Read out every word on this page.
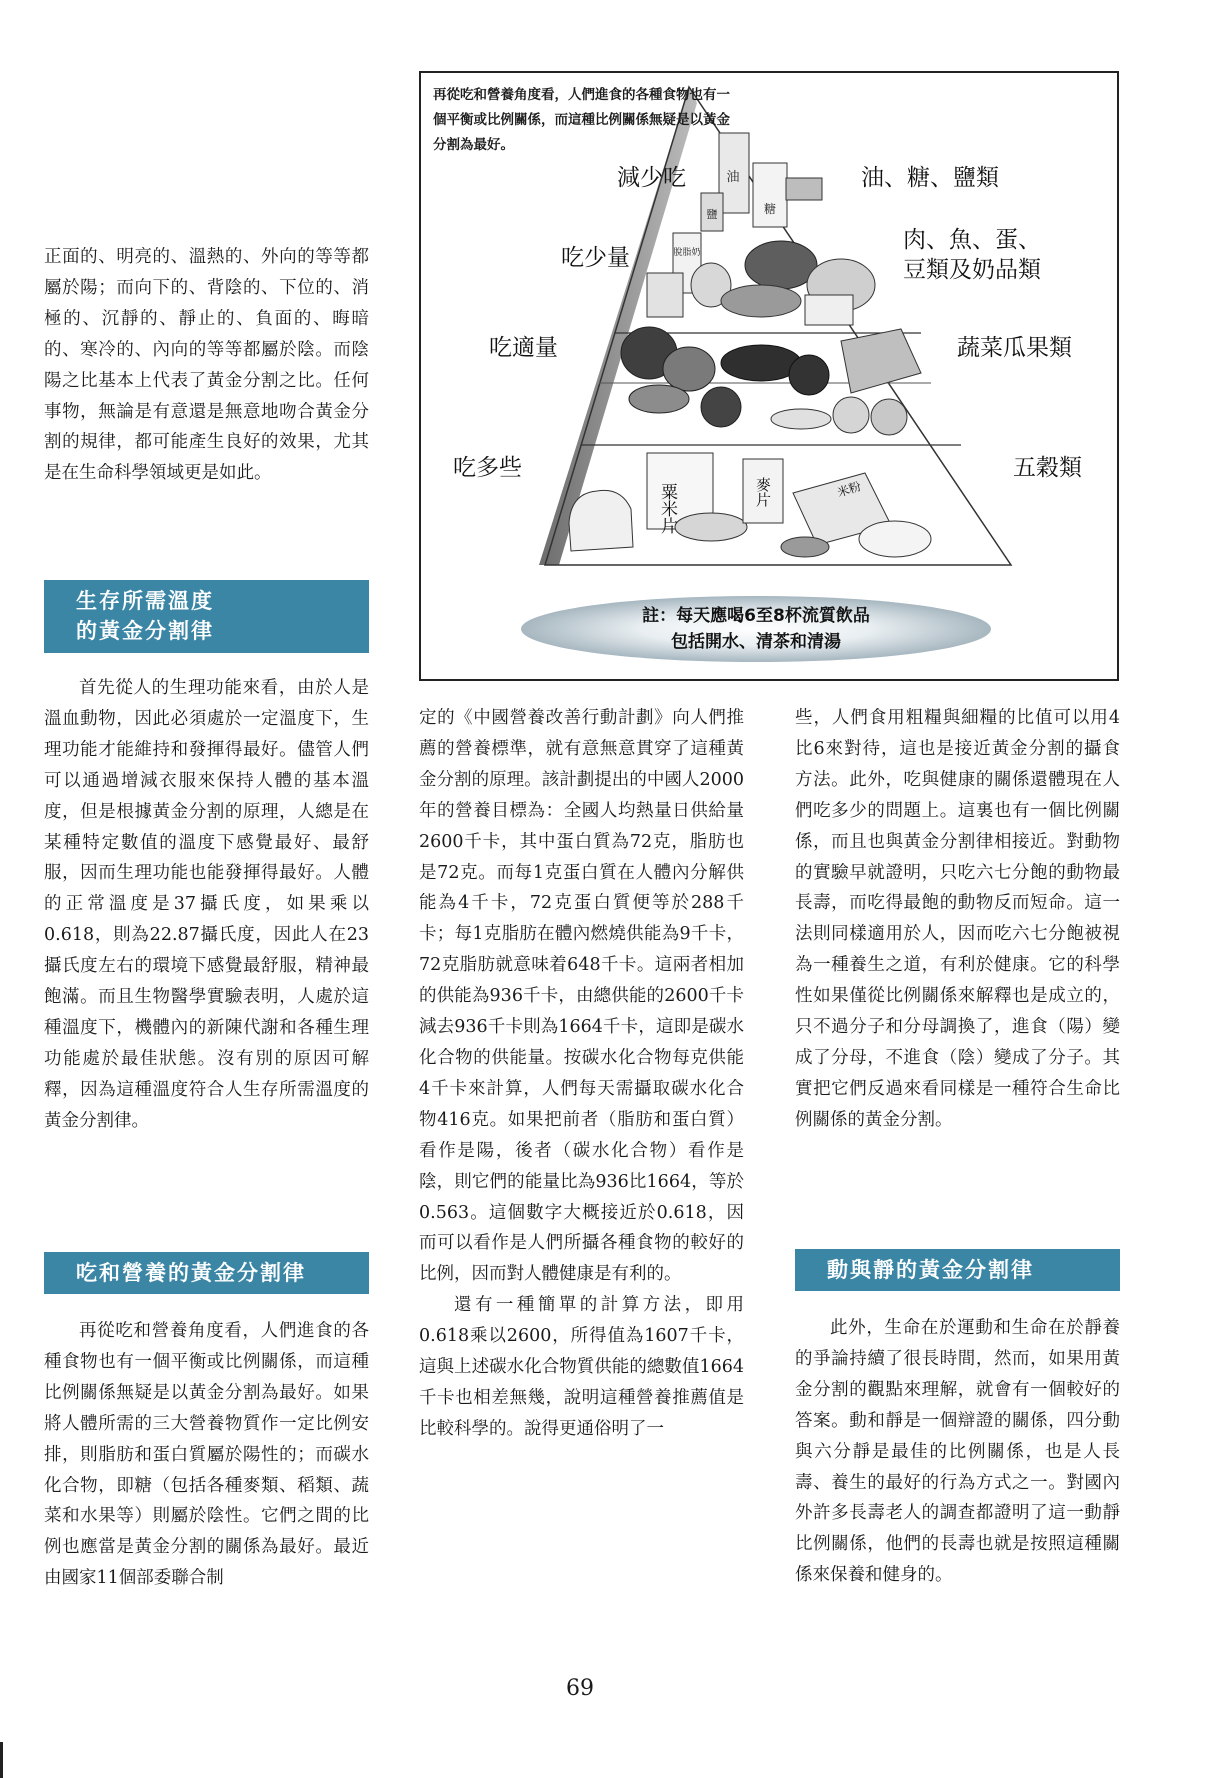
正面的、明亮的、溫熱的、外向的等等都屬於陽；而向下的、背陰的、下位的、消極的、沉靜的、靜止的、負面的、晦暗的、寒冷的、內向的等等都屬於陰。而陰陽之比基本上代表了黃金分割之比。任何事物，無論是有意還是無意地吻合黃金分割的規律，都可能產生良好的效果，尤其是在生命科學領域更是如此。

生存所需溫度
的黃金分割律

首先從人的生理功能來看，由於人是溫血動物，因此必須處於一定溫度下，生理功能才能維持和發揮得最好。儘管人們可以通過增減衣服來保持人體的基本溫度，但是根據黃金分割的原理，人總是在某種特定數值的溫度下感覺最好、最舒服，因而生理功能也能發揮得最好。人體的正常溫度是37攝氏度，如果乘以0.618，則為22.87攝氏度，因此人在23攝氏度左右的環境下感覺最舒服，精神最飽滿。而且生物醫學實驗表明，人處於這種溫度下，機體內的新陳代謝和各種生理功能處於最佳狀態。沒有別的原因可解釋，因為這種溫度符合人生存所需溫度的黃金分割律。

吃和營養的黃金分割律

再從吃和營養角度看，人們進食的各種食物也有一個平衡或比例關係，而這種比例關係無疑是以黃金分割為最好。如果將人體所需的三大營養物質作一定比例安排，則脂肪和蛋白質屬於陽性的；而碳水化合物，即糖（包括各種麥類、稻類、蔬菜和水果等）則屬於陰性。它們之間的比例也應當是黃金分割的關係為最好。最近由國家11個部委聯合制

油
鹽	糖
脫脂奶
粟米片	麥片	米粉
再從吃和營養角度看，人們進食的各種食物也有一個平衡或比例關係，而這種比例關係無疑是以黃金分割為最好。
減少吃	油、糖、鹽類
吃少量
肉、魚、蛋、豆類及奶品類
吃適量	蔬菜瓜果類
吃多些	五穀類
註：每天應喝6至8杯流質飲品
包括開水、清茶和清湯

定的《中國營養改善行動計劃》向人們推薦的營養標準，就有意無意貫穿了這種黃金分割的原理。該計劃提出的中國人2000年的營養目標為：全國人均熱量日供給量2600千卡，其中蛋白質為72克，脂肪也是72克。而每1克蛋白質在人體內分解供能為4千卡，72克蛋白質便等於288千卡；每1克脂肪在體內燃燒供能為9千卡，72克脂肪就意味着648千卡。這兩者相加的供能為936千卡，由總供能的2600千卡減去936千卡則為1664千卡，這即是碳水化合物的供能量。按碳水化合物每克供能4千卡來計算，人們每天需攝取碳水化合物416克。如果把前者（脂肪和蛋白質）看作是陽，後者（碳水化合物）看作是陰，則它們的能量比為936比1664，等於0.563。這個數字大概接近於0.618，因而可以看作是人們所攝各種食物的較好的比例，因而對人體健康是有利的。

還有一種簡單的計算方法，即用0.618乘以2600，所得值為1607千卡，這與上述碳水化合物質供能的總數值1664千卡也相差無幾，說明這種營養推薦值是比較科學的。說得更通俗明了一

些，人們食用粗糧與細糧的比值可以用4比6來對待，這也是接近黃金分割的攝食方法。此外，吃與健康的關係還體現在人們吃多少的問題上。這裏也有一個比例關係，而且也與黃金分割律相接近。對動物的實驗早就證明，只吃六七分飽的動物最長壽，而吃得最飽的動物反而短命。這一法則同樣適用於人，因而吃六七分飽被視為一種養生之道，有利於健康。它的科學性如果僅從比例關係來解釋也是成立的，只不過分子和分母調換了，進食（陽）變成了分母，不進食（陰）變成了分子。其實把它們反過來看同樣是一種符合生命比例關係的黃金分割。

動與靜的黃金分割律

此外，生命在於運動和生命在於靜養的爭論持續了很長時間，然而，如果用黃金分割的觀點來理解，就會有一個較好的答案。動和靜是一個辯證的關係，四分動與六分靜是最佳的比例關係，也是人長壽、養生的最好的行為方式之一。對國內外許多長壽老人的調查都證明了這一動靜比例關係，他們的長壽也就是按照這種關係來保養和健身的。

69
